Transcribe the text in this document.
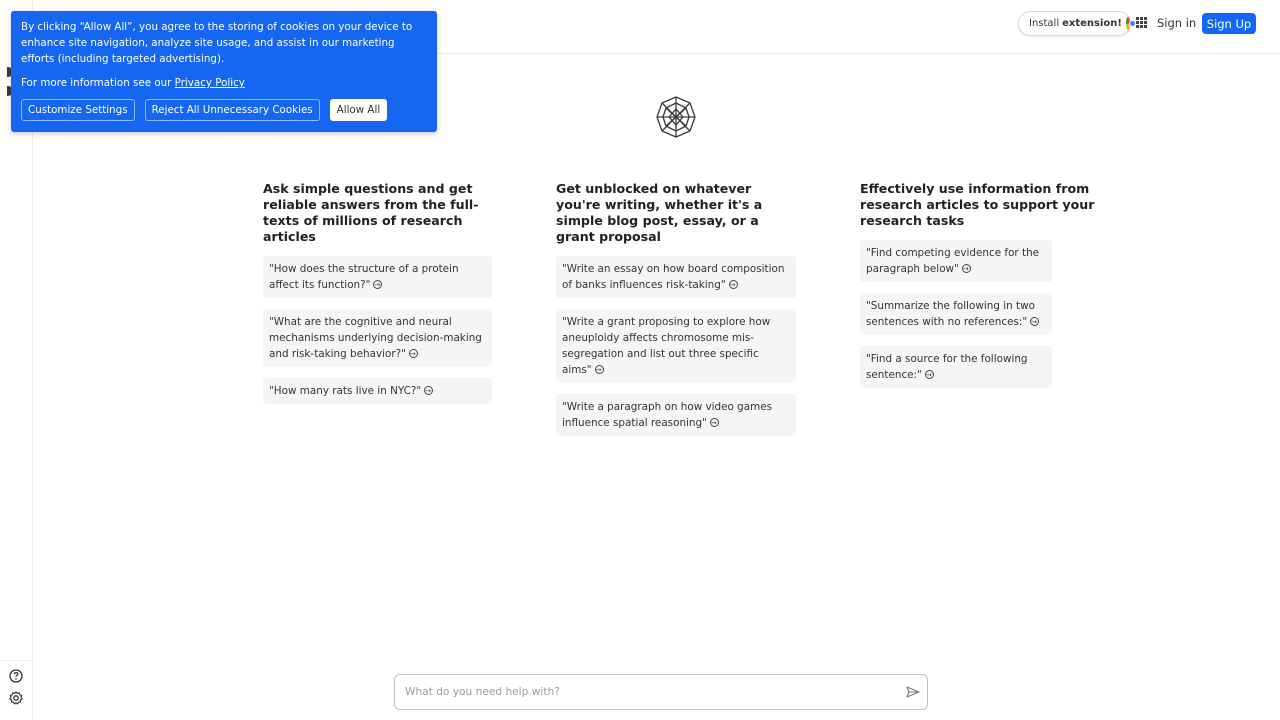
Install extension!	Sign in Sign Up

By clicking “Allow All”, you agree to the storing of cookies on your device to enhance site navigation, analyze site usage, and assist in our marketing efforts (including targeted advertising).

For more information see our Privacy Policy

Customize Settings	Reject All Unnecessary Cookies	Allow All
Ask simple questions and get reliable answers from the full-texts of millions of research articles
"How does the structure of a protein affect its function?"→
"What are the cognitive and neural mechanisms underlying decision-making and risk-taking behavior?"→
"How many rats live in NYC?"→
Get unblocked on whatever you're writing, whether it's a simple blog post, essay, or a grant proposal
"Write an essay on how board composition of banks influences risk-taking"→
"Write a grant proposing to explore how aneuploidy affects chromosome mis-segregation and list out three specific aims"→
"Write a paragraph on how video games influence spatial reasoning"→
Effectively use information from research articles to support your research tasks
"Find competing evidence for the paragraph below"→
"Summarize the following in two sentences with no references:"→
"Find a source for the following sentence:"→
What do you need help with?
